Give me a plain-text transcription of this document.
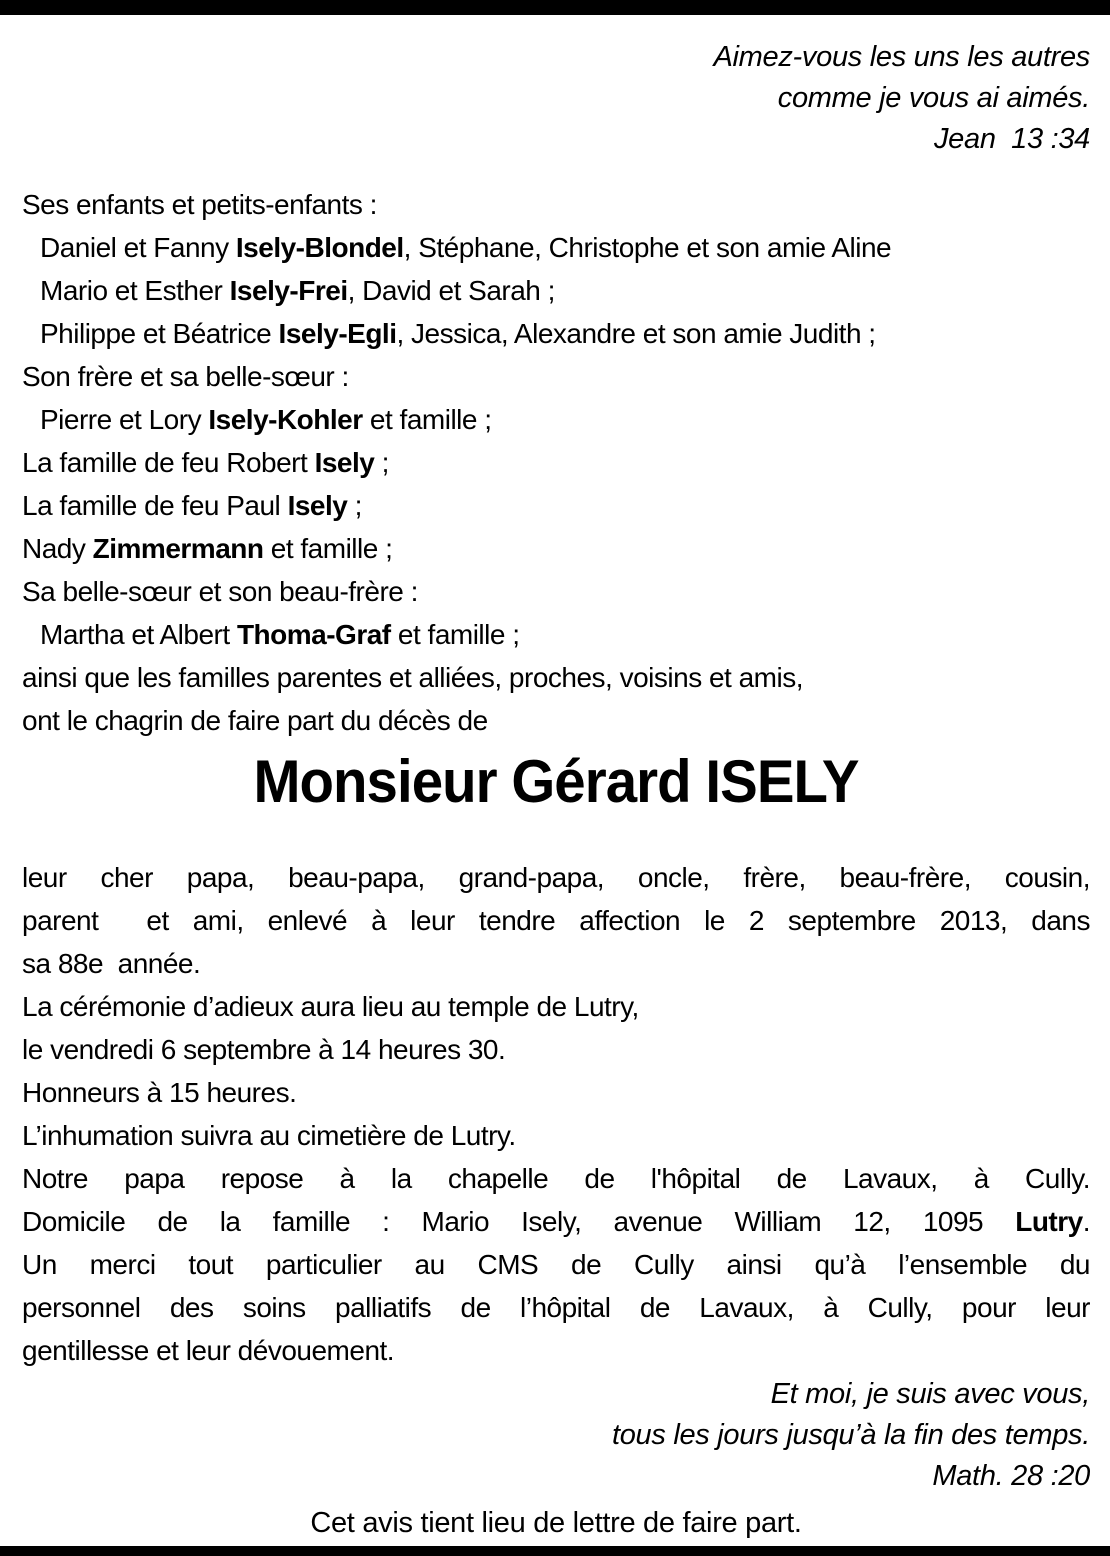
Aimez-vous les uns les autres
comme je vous ai aimés.
Jean  13 :34
Ses enfants et petits-enfants :
Daniel et Fanny Isely-Blondel, Stéphane, Christophe et son amie Aline
Mario et Esther Isely-Frei, David et Sarah ;
Philippe et Béatrice Isely-Egli, Jessica, Alexandre et son amie Judith ;
Son frère et sa belle-sœur :
Pierre et Lory Isely-Kohler et famille ;
La famille de feu Robert Isely ;
La famille de feu Paul Isely ;
Nady Zimmermann et famille ;
Sa belle-sœur et son beau-frère :
Martha et Albert Thoma-Graf et famille ;
ainsi que les familles parentes et alliées, proches, voisins et amis,
ont le chagrin de faire part du décès de
Monsieur Gérard ISELY
leur cher papa, beau-papa, grand-papa, oncle, frère, beau-frère, cousin,
parent  et ami, enlevé à leur tendre affection le 2 septembre 2013, dans
sa 88e  année.
La cérémonie d’adieux aura lieu au temple de Lutry,
le vendredi 6 septembre à 14 heures 30.
Honneurs à 15 heures.
L’inhumation suivra au cimetière de Lutry.
Notre papa repose à la chapelle de l'hôpital de Lavaux, à Cully.
Domicile de la famille : Mario Isely, avenue William 12, 1095 Lutry.
Un merci tout particulier au CMS de Cully ainsi qu’à l’ensemble du
personnel des soins palliatifs de l’hôpital de Lavaux, à Cully, pour leur
gentillesse et leur dévouement.
Et moi, je suis avec vous,
tous les jours jusqu’à la fin des temps.
Math. 28 :20
Cet avis tient lieu de lettre de faire part.
